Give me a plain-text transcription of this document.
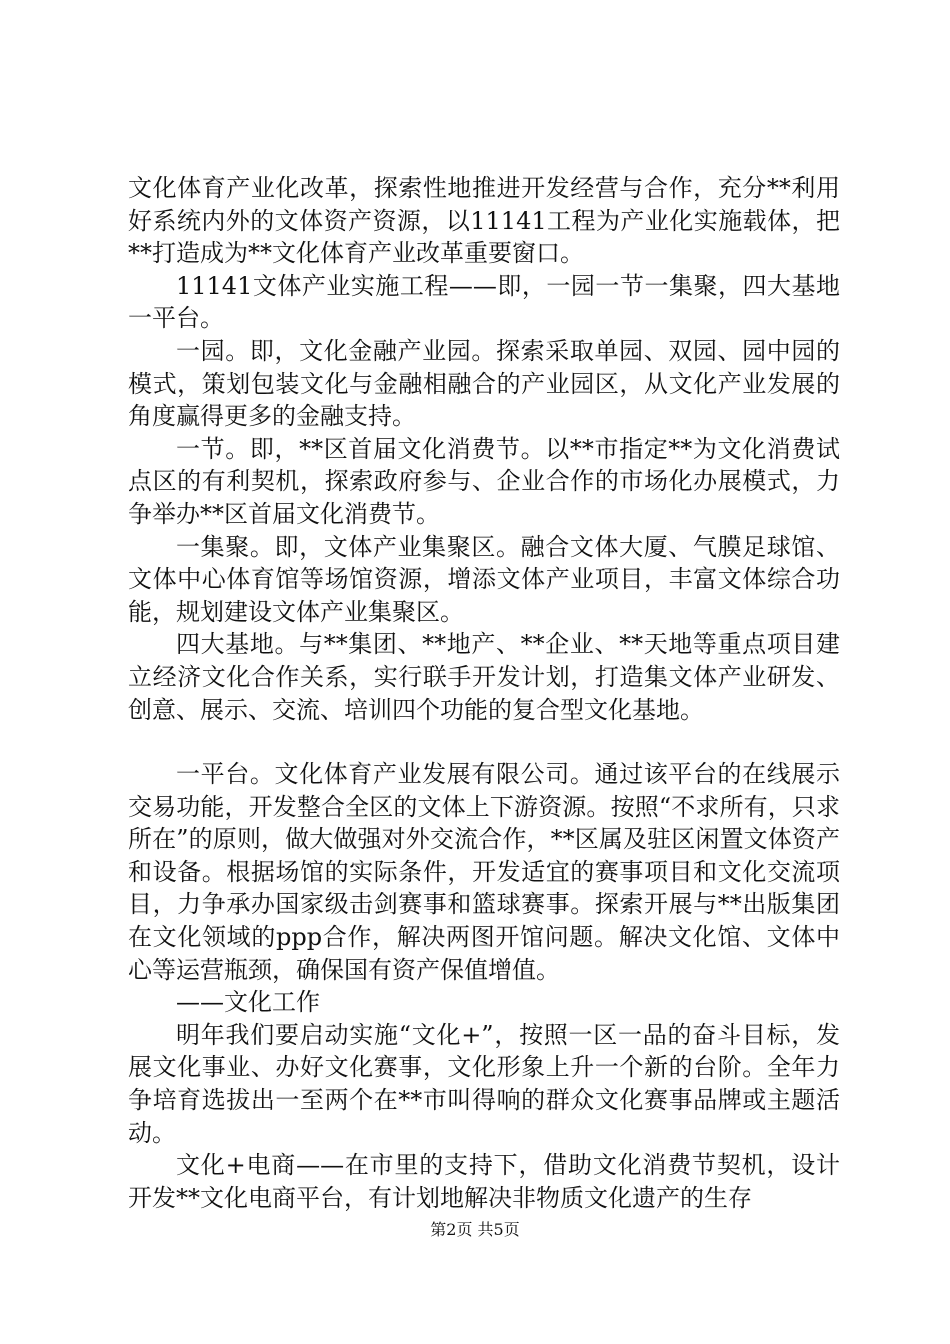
文化体育产业化改革，探索性地推进开发经营与合作，充分**利用好系统内外的文体资产资源，以11141工程为产业化实施载体，把**打造成为**文化体育产业改革重要窗口。

11141文体产业实施工程——即，一园一节一集聚，四大基地一平台。

一园。即，文化金融产业园。探索采取单园、双园、园中园的模式，策划包装文化与金融相融合的产业园区，从文化产业发展的角度赢得更多的金融支持。

一节。即，**区首届文化消费节。以**市指定**为文化消费试点区的有利契机，探索政府参与、企业合作的市场化办展模式，力争举办**区首届文化消费节。

一集聚。即，文体产业集聚区。融合文体大厦、气膜足球馆、文体中心体育馆等场馆资源，增添文体产业项目，丰富文体综合功能，规划建设文体产业集聚区。

四大基地。与**集团、**地产、**企业、**天地等重点项目建立经济文化合作关系，实行联手开发计划，打造集文体产业研发、创意、展示、交流、培训四个功能的复合型文化基地。

一平台。文化体育产业发展有限公司。通过该平台的在线展示交易功能，开发整合全区的文体上下游资源。按照“不求所有，只求所在”的原则，做大做强对外交流合作，**区属及驻区闲置文体资产和设备。根据场馆的实际条件，开发适宜的赛事项目和文化交流项目，力争承办国家级击剑赛事和篮球赛事。探索开展与**出版集团在文化领域的ppp合作，解决两图开馆问题。解决文化馆、文体中心等运营瓶颈，确保国有资产保值增值。

——文化工作

明年我们要启动实施“文化+”，按照一区一品的奋斗目标，发展文化事业、办好文化赛事，文化形象上升一个新的台阶。全年力争培育选拔出一至两个在**市叫得响的群众文化赛事品牌或主题活动。

文化+电商——在市里的支持下，借助文化消费节契机，设计开发**文化电商平台，有计划地解决非物质文化遗产的生存

第2页 共5页
